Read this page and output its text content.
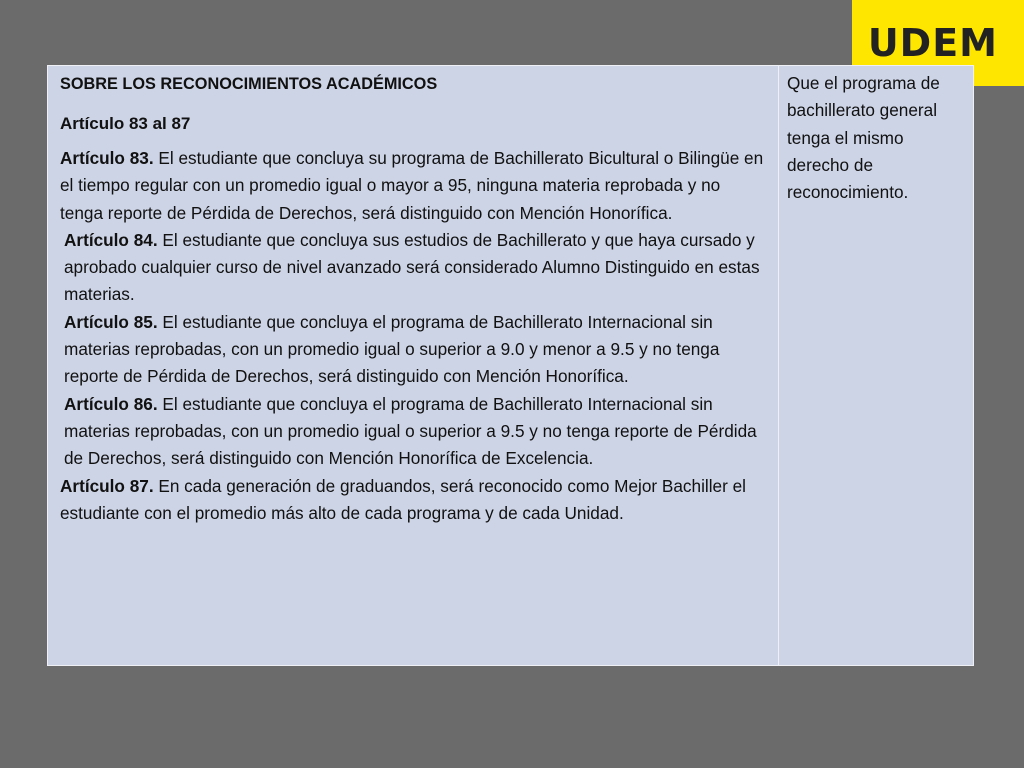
UDEM

SOBRE LOS RECONOCIMIENTOS ACADÉMICOS

Artículo 83 al 87

Artículo 83. El estudiante que concluya su programa de Bachillerato Bicultural o Bilingüe en el tiempo regular con un promedio igual o mayor a 95, ninguna materia reprobada y no tenga reporte de Pérdida de Derechos, será distinguido con Mención Honorífica.

Artículo 84. El estudiante que concluya sus estudios de Bachillerato y que haya cursado y aprobado cualquier curso de nivel avanzado será considerado Alumno Distinguido en estas materias.

Artículo 85. El estudiante que concluya el programa de Bachillerato Internacional sin materias reprobadas, con un promedio igual o superior a 9.0 y menor a 9.5 y no tenga reporte de Pérdida de Derechos, será distinguido con Mención Honorífica.

Artículo 86. El estudiante que concluya el programa de Bachillerato Internacional sin materias reprobadas, con un promedio igual o superior a 9.5 y no tenga reporte de Pérdida de Derechos, será distinguido con Mención Honorífica de Excelencia.

Artículo 87. En cada generación de graduandos, será reconocido como Mejor Bachiller el estudiante con el promedio más alto de cada programa y de cada Unidad.

Que el programa de bachillerato general tenga el mismo derecho de reconocimiento.
